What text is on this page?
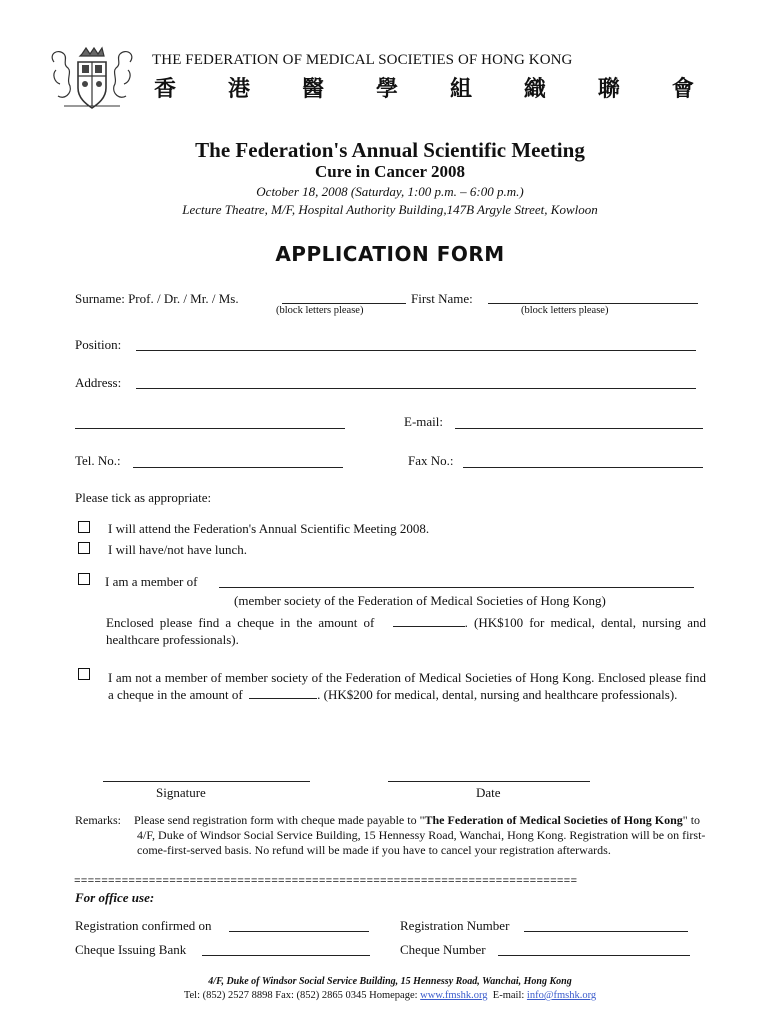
THE FEDERATION OF MEDICAL SOCIETIES OF HONG KONG
香 港 醫 學 組 織 聯 會
The Federation's Annual Scientific Meeting
Cure in Cancer 2008
October 18, 2008 (Saturday, 1:00 p.m. – 6:00 p.m.)
Lecture Theatre, M/F, Hospital Authority Building,147B Argyle Street, Kowloon
APPLICATION FORM
Surname: Prof. / Dr. / Mr. / Ms.
(block letters please)
First Name:
(block letters please)
Position:
Address:
E-mail:
Tel. No.:	Fax No.:
Please tick as appropriate:
I will attend the Federation's Annual Scientific Meeting 2008.
I will have/not have lunch.
I am a member of
(member society of the Federation of Medical Societies of Hong Kong)
Enclosed please find a cheque in the amount of	. (HK$100 for medical, dental, nursing and healthcare professionals).
I am not a member of member society of the Federation of Medical Societies of Hong Kong. Enclosed please find a cheque in the amount of	. (HK$200 for medical, dental, nursing and healthcare professionals).
Signature	Date
Remarks: Please send registration form with cheque made payable to "The Federation of Medical Societies of Hong Kong" to 4/F, Duke of Windsor Social Service Building, 15 Hennessy Road, Wanchai, Hong Kong. Registration will be on first-come-first-served basis. No refund will be made if you have to cancel your registration afterwards.
==========================================================================
For office use:
Registration confirmed on	Registration Number
Cheque Issuing Bank	Cheque Number
4/F, Duke of Windsor Social Service Building, 15 Hennessy Road, Wanchai, Hong Kong
Tel: (852) 2527 8898 Fax: (852) 2865 0345 Homepage: www.fmshk.org E-mail: info@fmshk.org
